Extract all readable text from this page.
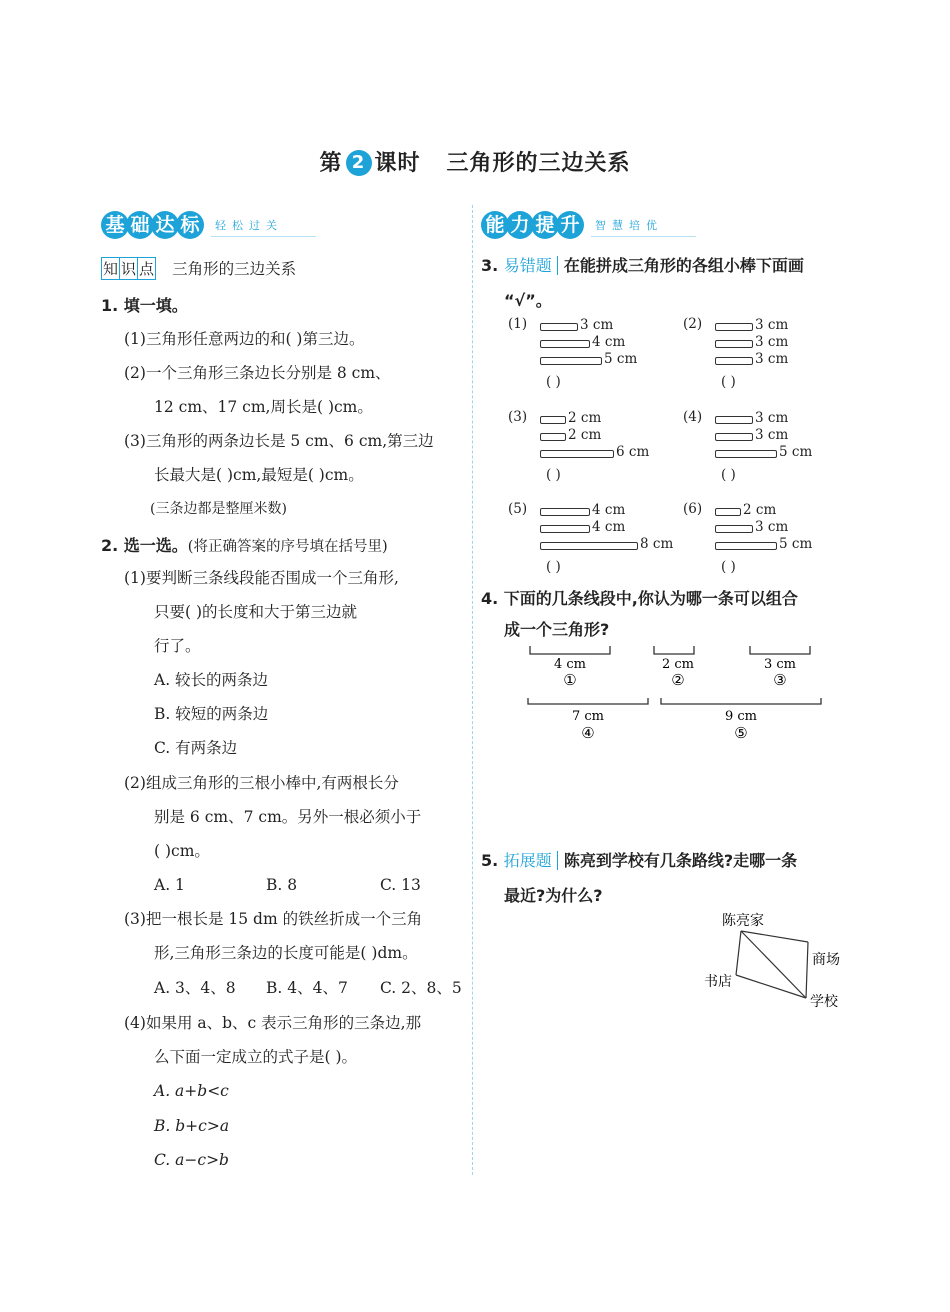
第 2 课时 三角形的三边关系
基 础 达 标	轻松过关	能 力 提 升	智慧培优
知 识 点 三角形的三边关系
1. 填一填。
(1)三角形任意两边的和( )第三边。
(2)一个三角形三条边长分别是 8 cm、
12 cm、17 cm,周长是( )cm。
(3)三角形的两条边长是 5 cm、6 cm,第三边
长最大是( )cm,最短是( )cm。
(三条边都是整厘米数)
2. 选一选。(将正确答案的序号填在括号里)
(1)要判断三条线段能否围成一个三角形,
只要( )的长度和大于第三边就
行了。
A. 较长的两条边
B. 较短的两条边
C. 有两条边
(2)组成三角形的三根小棒中,有两根长分
别是 6 cm、7 cm。另外一根必须小于
( )cm。
A. 1	B. 8	C. 13
(3)把一根长是 15 dm 的铁丝折成一个三角
形,三角形三条边的长度可能是( )dm。
A. 3、4、8 B. 4、4、7 C. 2、8、5
(4)如果用 a、b、c 表示三角形的三条边,那
么下面一定成立的式子是( )。
A. a+b<c
B. b+c>a
C. a−c>b
3. 易错题 在能拼成三角形的各组小棒下面画
“√”。
(1)	3 cm
4 cm
5 cm
( )
(2)	3 cm
3 cm
3 cm
( )
(3)	2 cm
2 cm
6 cm
( )
(4)	3 cm
3 cm
5 cm
( )
(5)	4 cm
4 cm
8 cm
( )
(6)	2 cm
3 cm
5 cm
( )
4. 下面的几条线段中,你认为哪一条可以组合
成一个三角形?
4 cm
①
2 cm
②
3 cm
③
7 cm
④
9 cm
⑤
5. 拓展题 陈亮到学校有几条路线?走哪一条
最近?为什么?
陈亮家
商场
书店
学校
